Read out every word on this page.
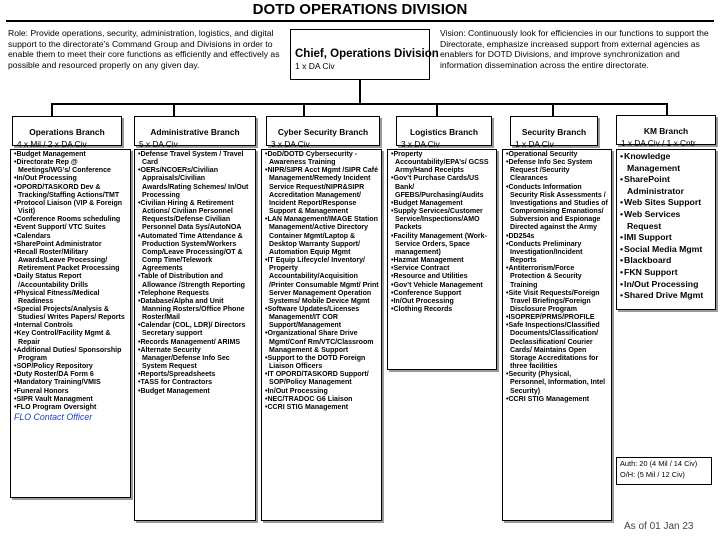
DOTD OPERATIONS DIVISION
Role: Provide operations, security, administration, logistics, and digital support to the directorate’s Command Group and Divisions in order to enable them to meet their core functions as efficiently and effectively as possible and resourced properly on any given day.
Vision: Continuously look for efficiencies in our functions to support the Directorate, emphasize increased support from external agencies as enablers for DOTD Divisions, and improve synchronization and information dissemination across the entire directorate.
Chief, Operations Division
1 x DA Civ
Operations Branch
4 x Mil / 2 x DA Civ
Administrative Branch
5 x DA Civ
Cyber Security Branch
3 x DA Civ
Logistics Branch
3 x DA Civ
Security Branch
1 x DA Civ
KM Branch
1 x DA Civ / 1 x Cntr
• Budget Management
• Directorate Rep @ Meetings/WG’s/ Conference
• In/Out Processing
• OPORD/TASKORD Dev & Tracking/Staffing Actions/TMT
• Protocol Liaison (VIP & Foreign Visit)
• Conference Rooms scheduling
• Event Support/ VTC Suites
• Calendars
• SharePoint Administrator
• Recall Roster/Military Awards/Leave Processing/ Retirement Packet Processing
• Daily Status Report /Accountability Drills
• Physical Fitness/Medical Readiness
• Special Projects/Analysis & Studies/ Writes Papers/ Reports
• Internal Controls
• Key Control/Facility Mgmt & Repair
• Additional Duties/ Sponsorship Program
• SOP/Policy Repository
• Duty Roster/DA Form 6
• Mandatory Training/VMIS
• Funeral Honors
• SIPR Vault Managment
• FLO Program Oversight
FLO Contact Officer
• Defense Travel System / Travel Card
• OERs/NCOERs/Civilian Appraisals/Civilian Awards/Rating Schemes/ In/Out Processing
• Civilian Hiring & Retirement Actions/ Civilian Personnel Requests/Defense Civilian Personnel Data Sys/AutoNOA
• Automated Time Attendance & Production System/Workers Comp/Leave Processing/OT & Comp Time/Telework Agreements
• Table of Distribution and Allowance /Strength Reporting
• Telephone Requests
• Database/Alpha and Unit Manning Rosters/Office Phone Roster/Mail
• Calendar (COL, LDR)/ Directors Secretary support
• Records Management/ ARIMS
• Alternate Security Manager/Defense Info Sec System Request
• Reports/Spreadsheets
• TASS for Contractors
• Budget Management
• DoD/DOTD Cybersecurity - Awareness Training
• NIPR/SIPR Acct Mgmt /SIPR Café Management/Remedy Incident Service Request/NIPR&SIPR Accreditation Management/ Incident Report/Response Support & Management
• LAN Management/IMAGE Station Management/Active Directory Container Mgmt/Laptop & Desktop Warranty Support/ Automation Equip Mgmt
• IT Equip Lifecycle/ Inventory/ Property Accountability/Acquisition /Printer Consumable Mgmt/ Print Server Management Operation Systems/ Mobile Device Mgmt
• Software Updates/Licenses Management/IT COR Support/Management
• Organizational Share Drive Mgmt/Conf Rm/VTC/Classroom Management & Support
• Support to the DOTD Foreign Liaison Officers
• IT OPORD/TASKORD Support/ SOP/Policy Management
• In/Out Processing
• NEC/TRADOC G6 Liaison
• CCRI STIG Management
• Property Accountability/EPA’s/ GCSS Army/Hand Receipts
• Gov’t Purchase Cards/US Bank/ GFEBS/Purchasing/Audits
• Budget Management
• Supply Services/Customer Service/Inspections/AMO Packets
• Facility Management (Work-Service Orders, Space management)
• Hazmat Management
• Service Contract
• Resource and Utilities
• Gov’t Vehicle Management
• Conference Support
• In/Out Processing
• Clothing Records
• Operational Security
• Defense Info Sec System Request /Security Clearances
• Conducts Information Security Risk Assessments / Investigations and Studies of Compromising Emanations/ Subversion and Espionage Directed against the Army
• DD254s
• Conducts Preliminary Investigation/Incident Reports
• Antiterrorism/Force Protection & Security Training
• Site Visit Requests/Foreign Travel Briefings/Foreign Disclosure Program
• ISOPREP/PRMS/PROFILE
• Safe Inspections/Classified Documents/Classification/ Declassification/ Courier Cards/ Maintains Open Storage Accreditations for three facilities
• Security (Physical, Personnel, Information, Intel Security)
• CCRI STIG Management
• Knowledge Management
• SharePoint Administrator
• Web Sites Support
• Web Services Request
• IMI Support
• Social Media Mgmt
• Blackboard
• FKN Support
• In/Out Processing
• Shared Drive Mgmt
Auth: 20 (4 Mil / 14 Civ)
O/H: (5 Mil / 12 Civ)
As of 01 Jan 23
